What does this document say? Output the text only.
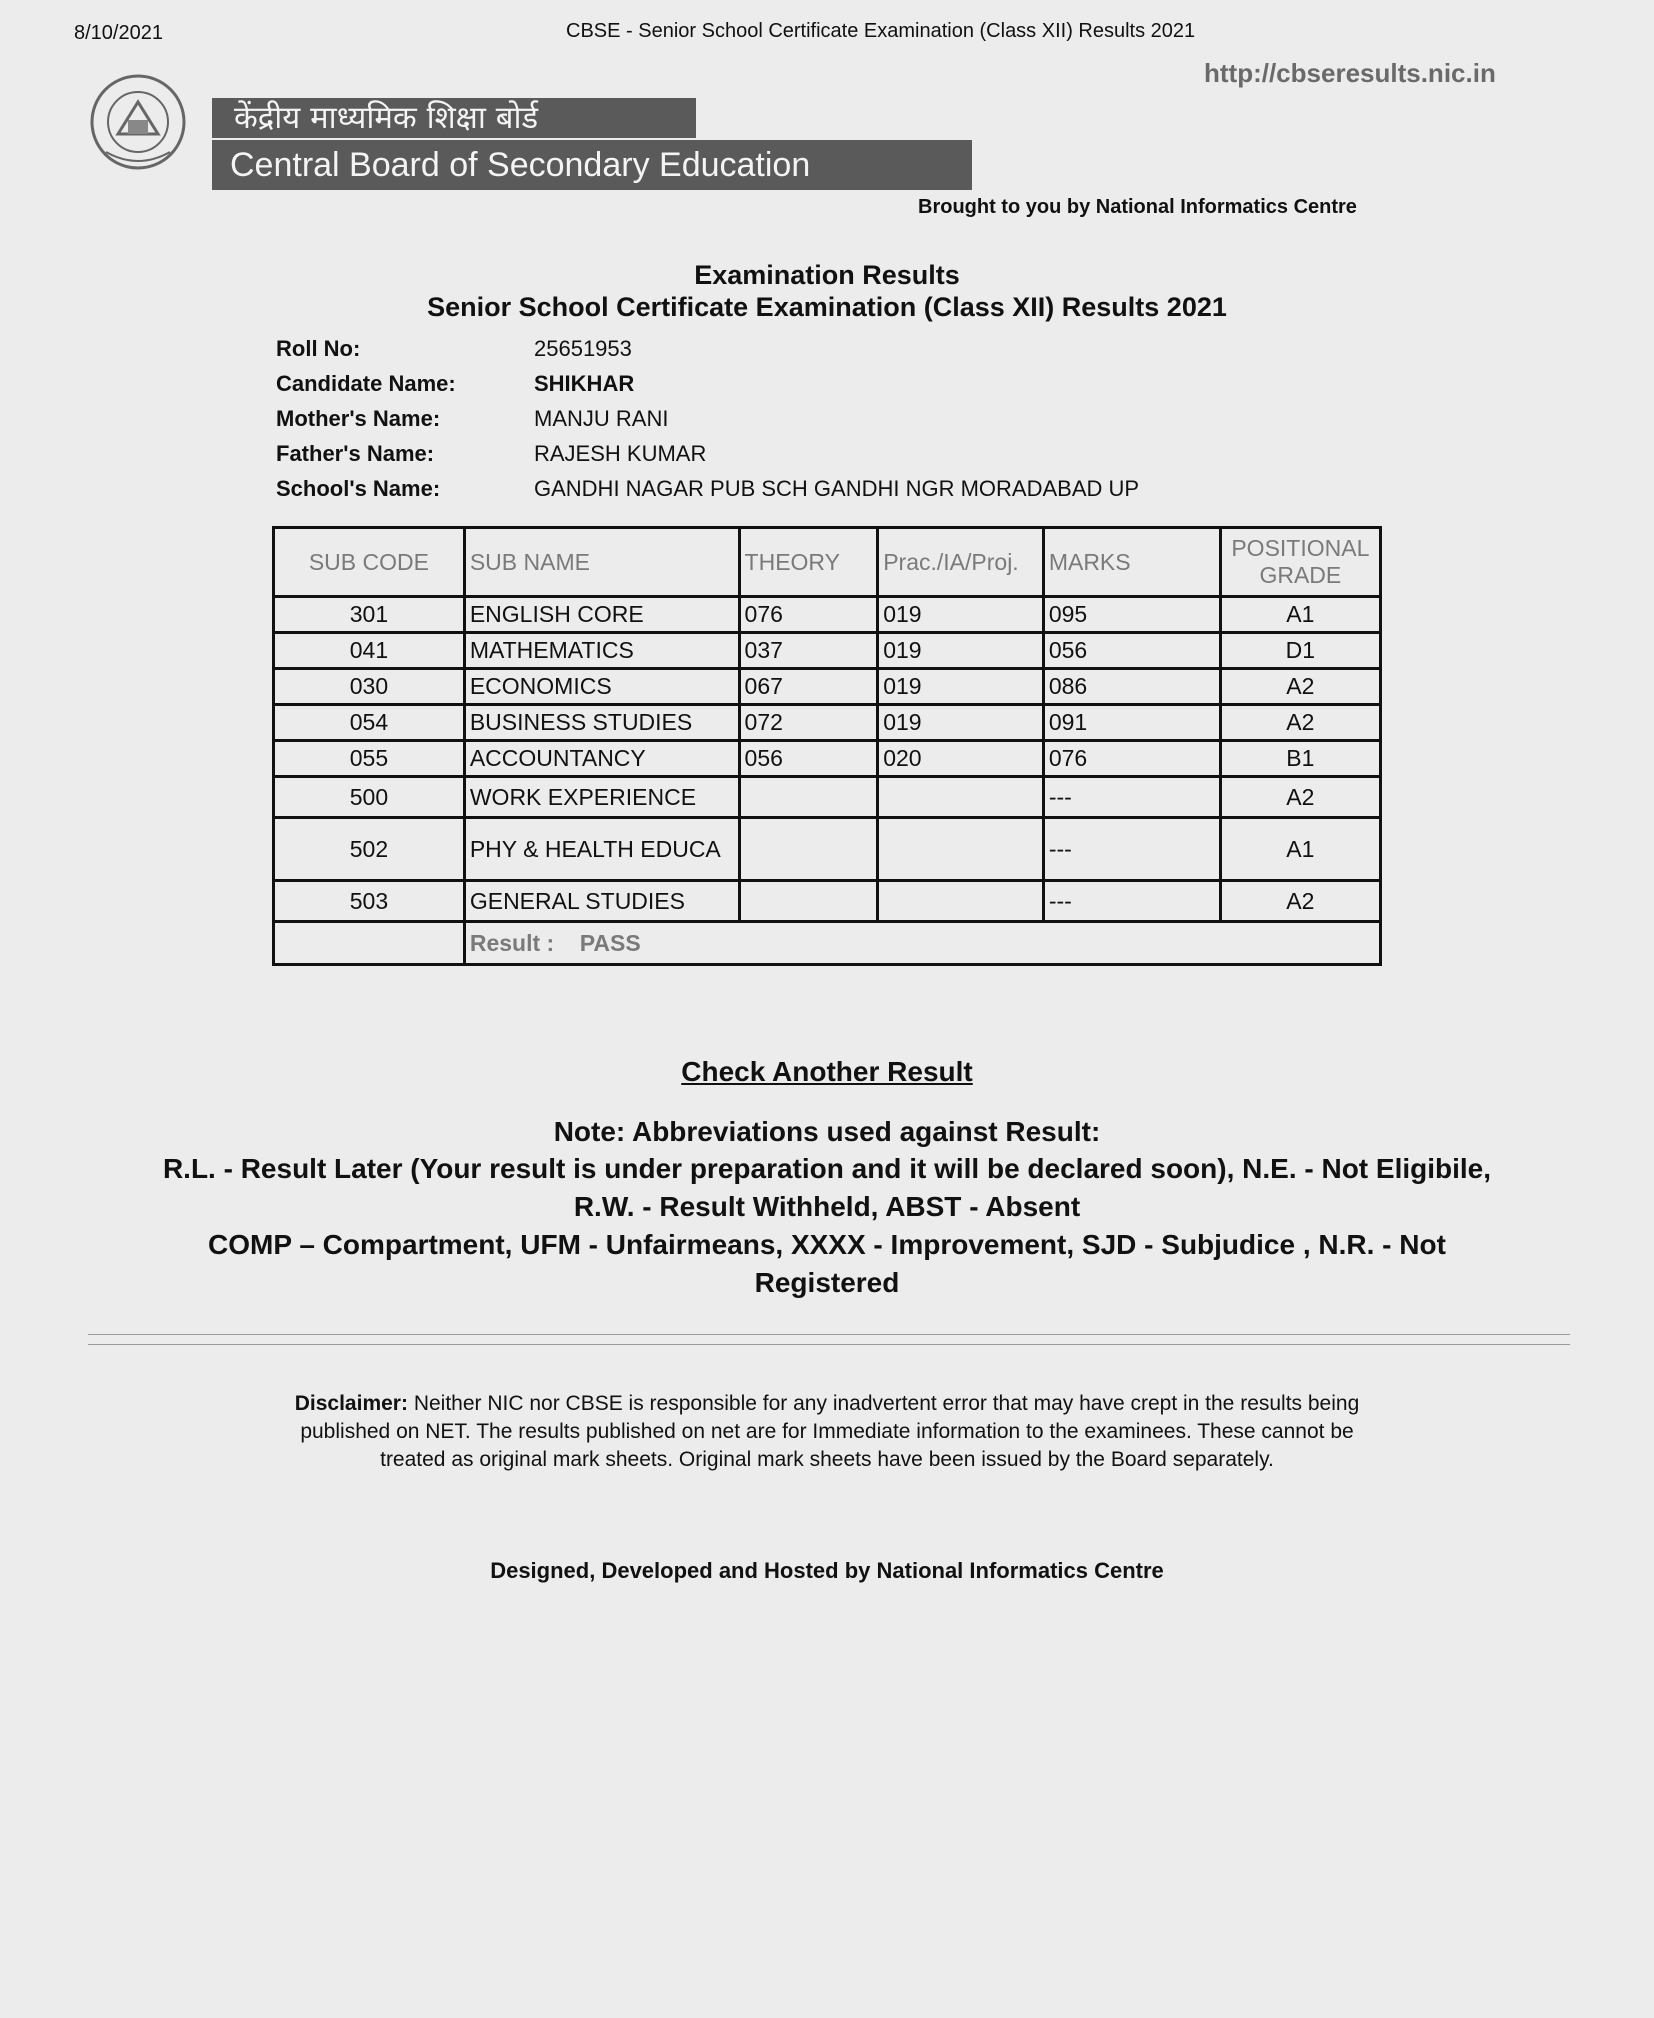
8/10/2021	CBSE - Senior School Certificate Examination (Class XII) Results 2021
http://cbseresults.nic.in
केंद्रीय माध्यमिक शिक्षा बोर्ड
Central Board of Secondary Education
Brought to you by National Informatics Centre
Examination Results
Senior School Certificate Examination (Class XII) Results 2021
Roll No:	25651953
Candidate Name:	SHIKHAR
Mother's Name:	MANJU RANI
Father's Name:	RAJESH KUMAR
School's Name:	GANDHI NAGAR PUB SCH GANDHI NGR MORADABAD UP
SUB CODE	SUB NAME	THEORY	Prac./IA/Proj.	MARKS	POSITIONAL
GRADE

301	ENGLISH CORE	076	019	095	A1
041	MATHEMATICS	037	019	056	D1
030	ECONOMICS	067	019	086	A2
054	BUSINESS STUDIES	072	019	091	A2
055	ACCOUNTANCY	056	020	076	B1
500	WORK EXPERIENCE			---	A2
502	PHY & HEALTH EDUCA			---	A1
503	GENERAL STUDIES			---	A2
	Result : PASS				
Check Another Result
Note: Abbreviations used against Result:
R.L. - Result Later (Your result is under preparation and it will be declared soon), N.E. - Not Eligibile,
R.W. - Result Withheld, ABST - Absent
COMP – Compartment, UFM - Unfairmeans, XXXX - Improvement, SJD - Subjudice , N.R. - Not
Registered
Disclaimer: Neither NIC nor CBSE is responsible for any inadvertent error that may have crept in the results being published on NET. The results published on net are for Immediate information to the examinees. These cannot be treated as original mark sheets. Original mark sheets have been issued by the Board separately.
Designed, Developed and Hosted by National Informatics Centre
